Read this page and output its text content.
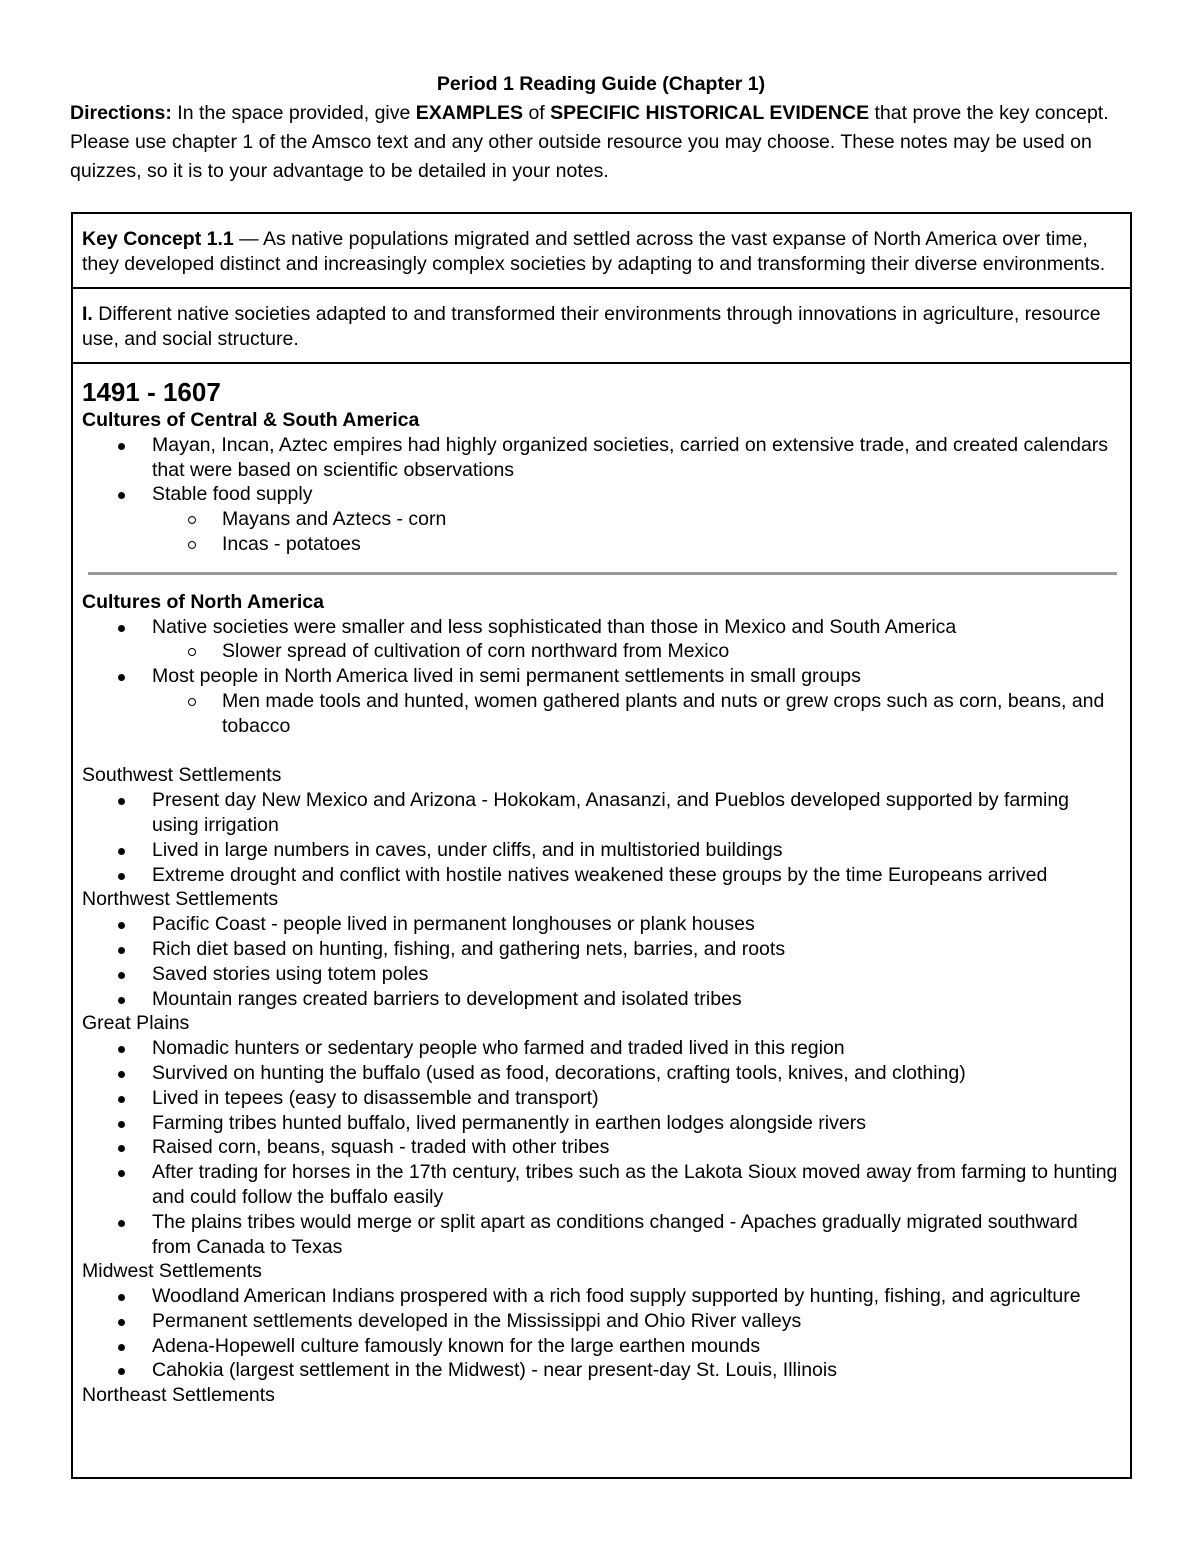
Period 1 Reading Guide (Chapter 1)

Directions: In the space provided, give EXAMPLES of SPECIFIC HISTORICAL EVIDENCE that prove the key concept. Please use chapter 1 of the Amsco text and any other outside resource you may choose. These notes may be used on quizzes, so it is to your advantage to be detailed in your notes.

Key Concept 1.1 — As native populations migrated and settled across the vast expanse of North America over time, they developed distinct and increasingly complex societies by adapting to and transforming their diverse environments.
I. Different native societies adapted to and transformed their environments through innovations in agriculture, resource use, and social structure.
1491 - 1607
Cultures of Central & South America
Mayan, Incan, Aztec empires had highly organized societies, carried on extensive trade, and created calendars that were based on scientific observations
Stable food supply
Mayans and Aztecs - corn
Incas - potatoes
Cultures of North America
Native societies were smaller and less sophisticated than those in Mexico and South America
Slower spread of cultivation of corn northward from Mexico
Most people in North America lived in semi permanent settlements in small groups
Men made tools and hunted, women gathered plants and nuts or grew crops such as corn, beans, and tobacco
Southwest Settlements
Present day New Mexico and Arizona - Hokokam, Anasanzi, and Pueblos developed supported by farming using irrigation
Lived in large numbers in caves, under cliffs, and in multistoried buildings
Extreme drought and conflict with hostile natives weakened these groups by the time Europeans arrived
Northwest Settlements
Pacific Coast - people lived in permanent longhouses or plank houses
Rich diet based on hunting, fishing, and gathering nets, barries, and roots
Saved stories using totem poles
Mountain ranges created barriers to development and isolated tribes
Great Plains
Nomadic hunters or sedentary people who farmed and traded lived in this region
Survived on hunting the buffalo (used as food, decorations, crafting tools, knives, and clothing)
Lived in tepees (easy to disassemble and transport)
Farming tribes hunted buffalo, lived permanently in earthen lodges alongside rivers
Raised corn, beans, squash - traded with other tribes
After trading for horses in the 17th century, tribes such as the Lakota Sioux moved away from farming to hunting and could follow the buffalo easily
The plains tribes would merge or split apart as conditions changed - Apaches gradually migrated southward from Canada to Texas
Midwest Settlements
Woodland American Indians prospered with a rich food supply supported by hunting, fishing, and agriculture
Permanent settlements developed in the Mississippi and Ohio River valleys
Adena-Hopewell culture famously known for the large earthen mounds
Cahokia (largest settlement in the Midwest) - near present-day St. Louis, Illinois
Northeast Settlements
